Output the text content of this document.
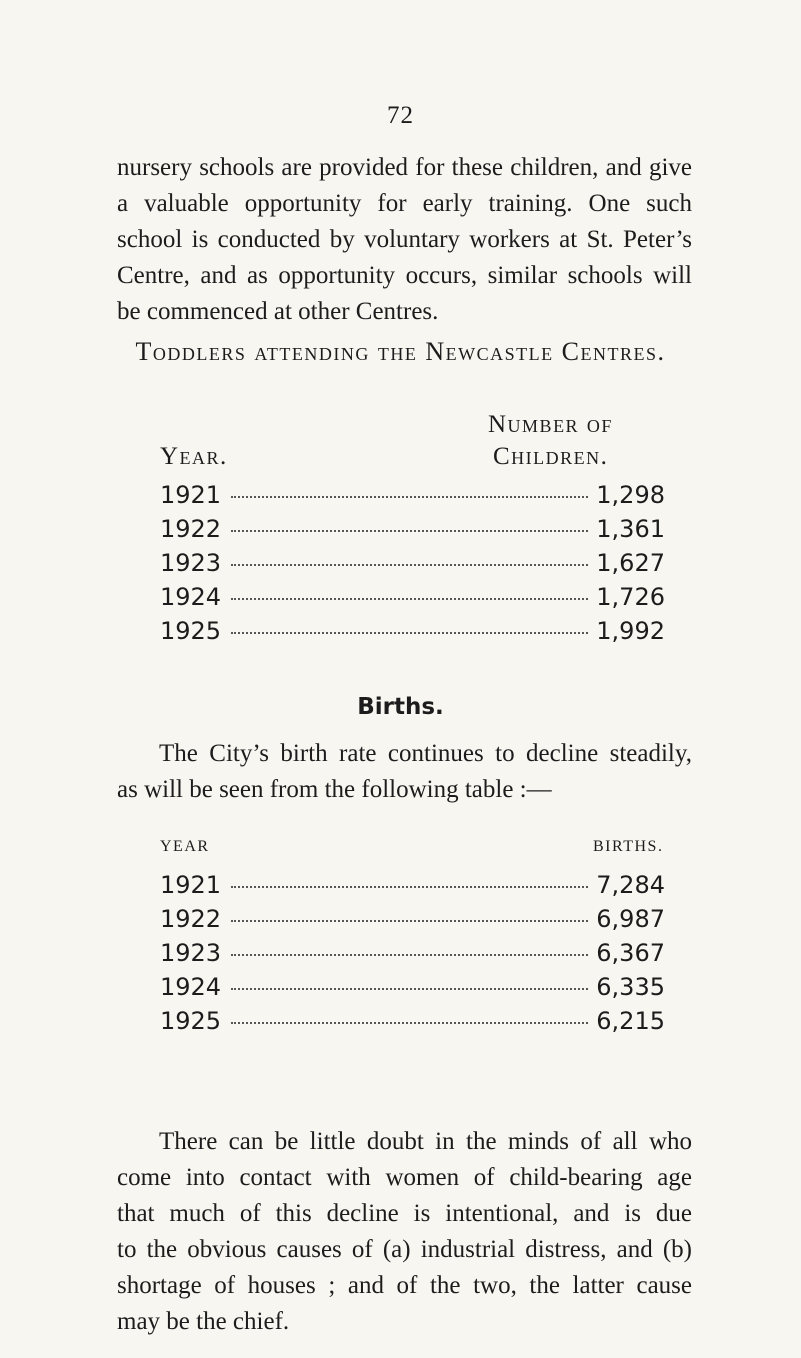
72
nursery schools are provided for these children, and give
a valuable opportunity for early training. One such
school is conducted by voluntary workers at St. Peter’s
Centre, and as opportunity occurs, similar schools will
be commenced at other Centres.
Toddlers attending the Newcastle Centres.
Number of
Year.	Children.
1921	1,298
1922	1,361
1923	1,627
1924	1,726
1925	1,992
Births.
The City’s birth rate continues to decline steadily,
as will be seen from the following table :—
YEAR	BIRTHS.
1921	7,284
1922	6,987
1923	6,367
1924	6,335
1925	6,215
There can be little doubt in the minds of all who
come into contact with women of child-bearing age
that much of this decline is intentional, and is due
to the obvious causes of (a) industrial distress, and (b)
shortage of houses ; and of the two, the latter cause
may be the chief.
